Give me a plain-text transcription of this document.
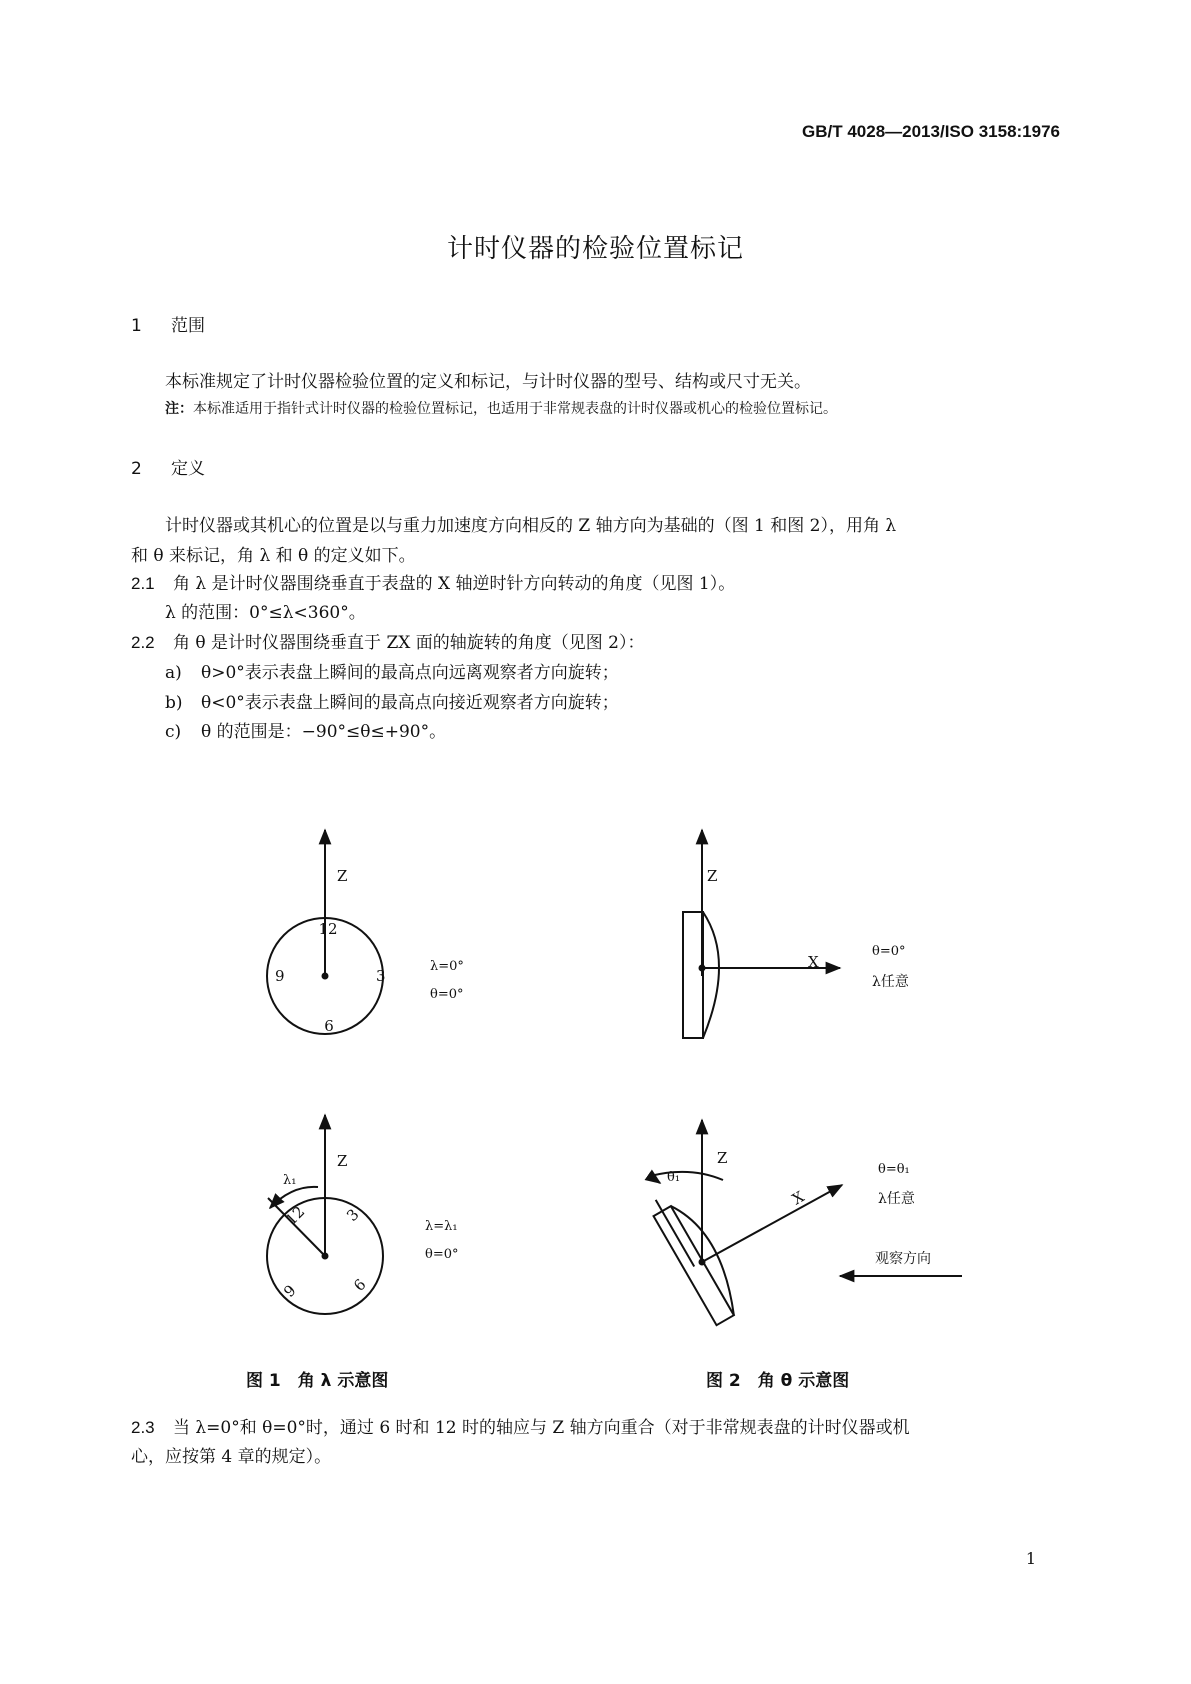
GB/T 4028—2013/ISO 3158:1976
计时仪器的检验位置标记
1 范围
本标准规定了计时仪器检验位置的定义和标记，与计时仪器的型号、结构或尺寸无关。
注：本标准适用于指针式计时仪器的检验位置标记，也适用于非常规表盘的计时仪器或机心的检验位置标记。
2 定义
计时仪器或其机心的位置是以与重力加速度方向相反的 Z 轴方向为基础的（图 1 和图 2），用角 λ
和 θ 来标记，角 λ 和 θ 的定义如下。
2.1 角 λ 是计时仪器围绕垂直于表盘的 X 轴逆时针方向转动的角度（见图 1）。
λ 的范围：0°≤λ<360°。
2.2 角 θ 是计时仪器围绕垂直于 ZX 面的轴旋转的角度（见图 2）：
a) θ>0°表示表盘上瞬间的最高点向远离观察者方向旋转；
b) θ<0°表示表盘上瞬间的最高点向接近观察者方向旋转；
c) θ 的范围是：−90°≤θ≤+90°。
Z
12
3
6
9
λ=0°
θ=0°
Z
X
θ=0°
λ任意
Z
λ₁
12 3
6
9
λ=λ₁
θ=0°
Z
X
θ₁
θ=θ₁
λ任意
观察方向
图 1　角 λ 示意图	图 2　角 θ 示意图
2.3 当 λ=0°和 θ=0°时，通过 6 时和 12 时的轴应与 Z 轴方向重合（对于非常规表盘的计时仪器或机
心，应按第 4 章的规定）。
1
